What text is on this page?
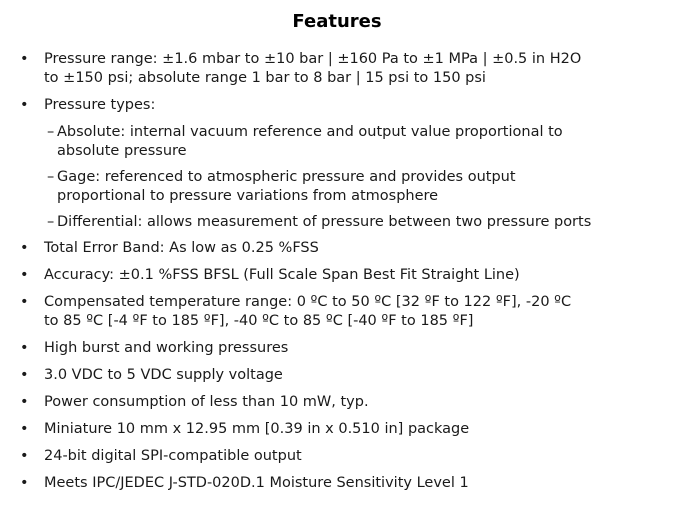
Features
• Pressure range: ±1.6 mbar to ±10 bar | ±160 Pa to ±1 MPa | ±0.5 in H2O
to ±150 psi; absolute range 1 bar to 8 bar | 15 psi to 150 psi
• Pressure types:
– Absolute: internal vacuum reference and output value proportional to
absolute pressure
– Gage: referenced to atmospheric pressure and provides output
proportional to pressure variations from atmosphere
– Differential: allows measurement of pressure between two pressure ports
• Total Error Band: As low as 0.25 %FSS
• Accuracy: ±0.1 %FSS BFSL (Full Scale Span Best Fit Straight Line)
• Compensated temperature range: 0 ºC to 50 ºC [32 ºF to 122 ºF], -20 ºC
to 85 ºC [-4 ºF to 185 ºF], -40 ºC to 85 ºC [-40 ºF to 185 ºF]
• High burst and working pressures
• 3.0 VDC to 5 VDC supply voltage
• Power consumption of less than 10 mW, typ.
• Miniature 10 mm x 12.95 mm [0.39 in x 0.510 in] package
• 24-bit digital SPI-compatible output
• Meets IPC/JEDEC J-STD-020D.1 Moisture Sensitivity Level 1
